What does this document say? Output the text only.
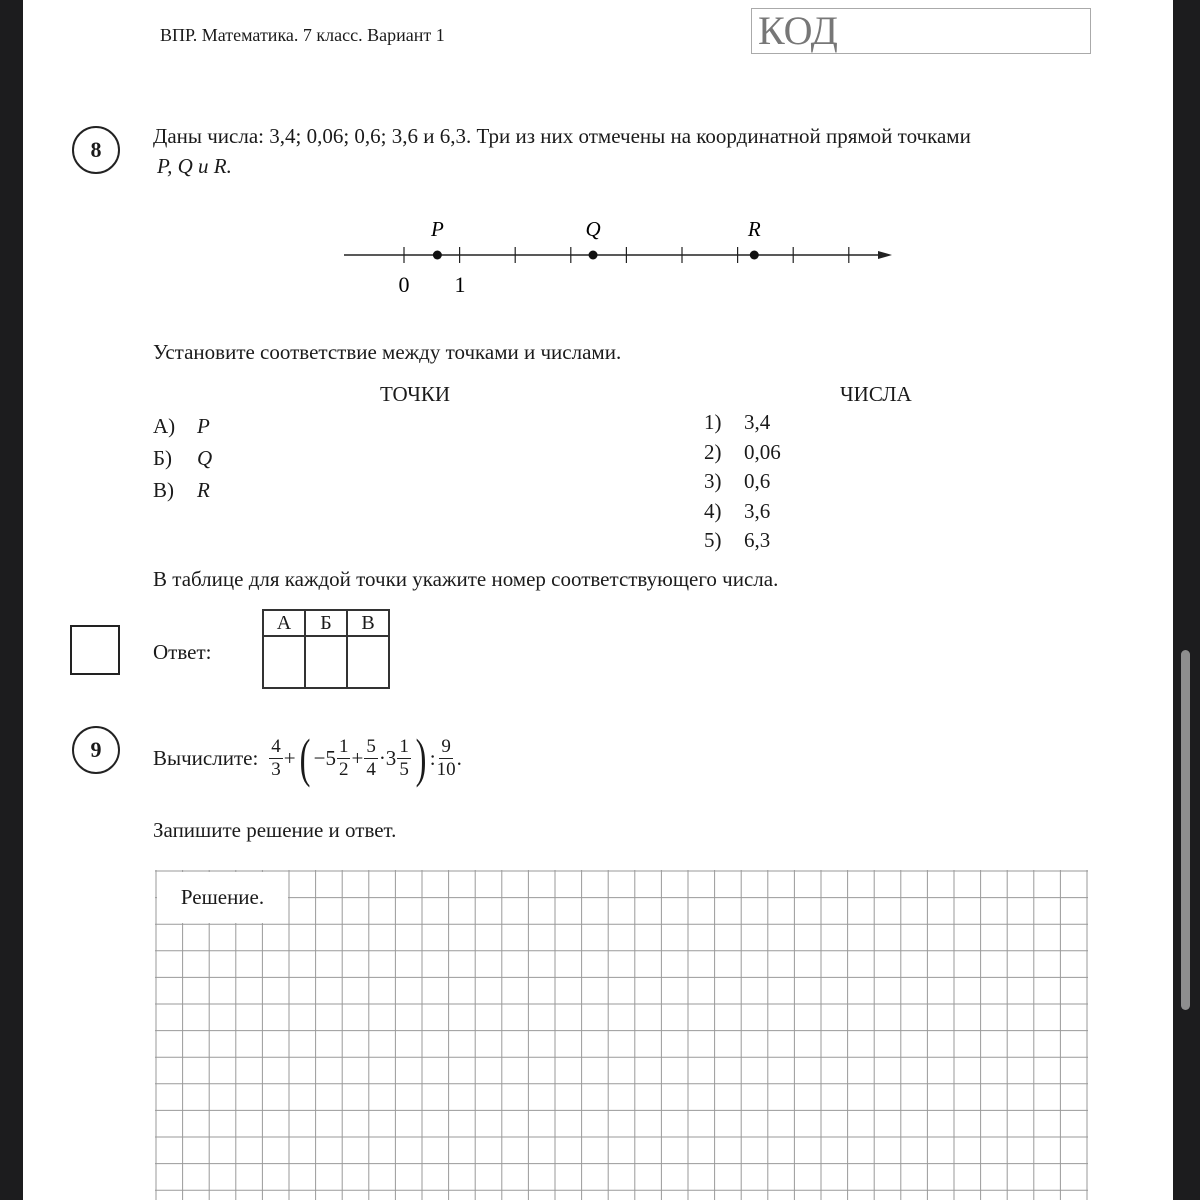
ВПР. Математика. 7 класс. Вариант 1	КОД
8
Даны числа: 3,4; 0,06; 0,6; 3,6 и 6,3. Три из них отмечены на координатной прямой точками
P, Q и R.
P	Q	R
0 1
Установите соответствие между точками и числами.
ТОЧКИ	ЧИСЛА
А) P
Б) Q
В) R
1) 3,4
2) 0,06
3) 0,6
4) 3,6
5) 6,3
В таблице для каждой точки укажите номер соответствующего числа.
Ответ:
А	Б	В

9	Вычислите: $\frac{4}{3}$ + ( $-5 \frac{1}{2} + \frac{5}{4} \cdot 3 \frac{1}{5}$ ) : $\frac{9}{10}$ .
Запишите решение и ответ.
Решение.
